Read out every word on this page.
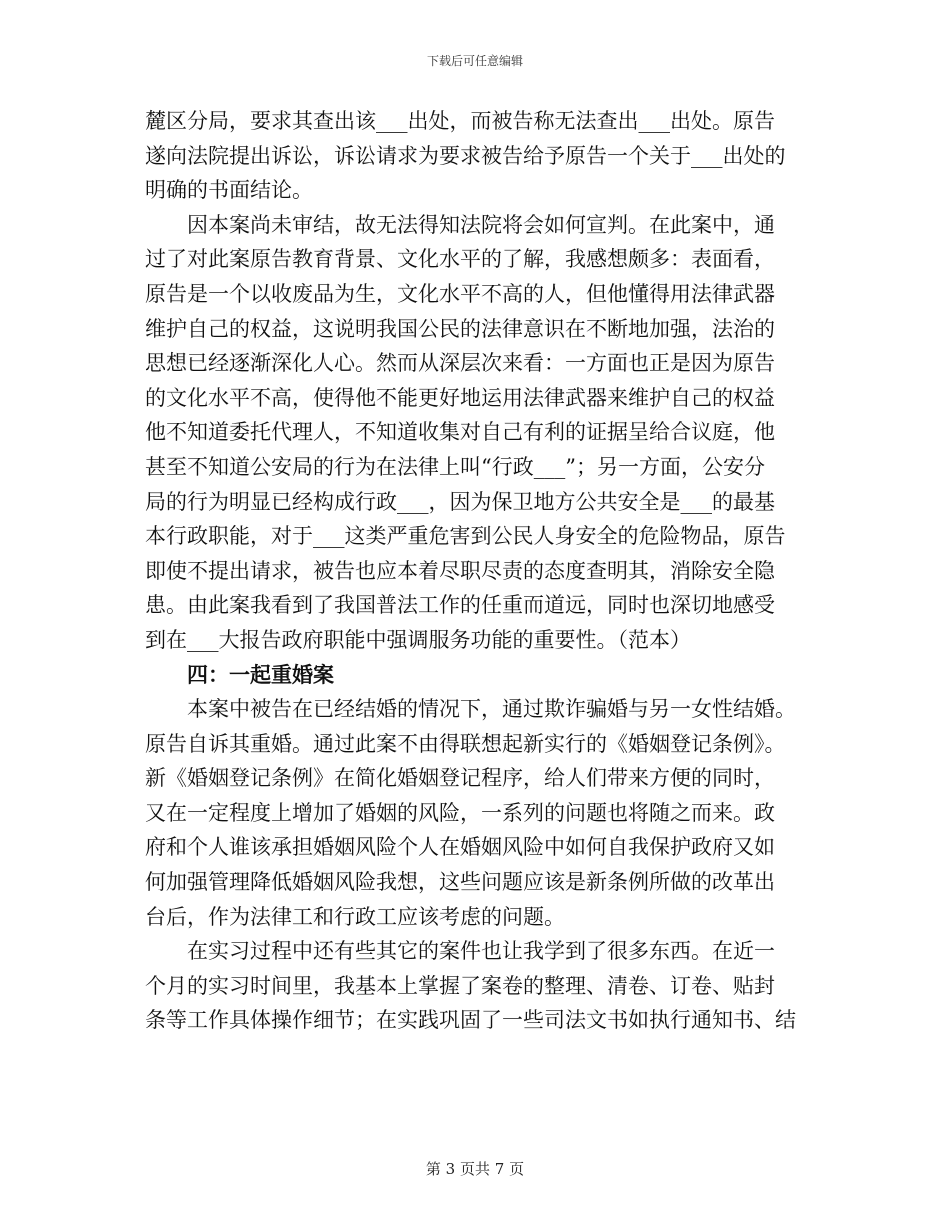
下载后可任意编辑
麓区分局，要求其查出该___出处，而被告称无法查出___出处。原告
遂向法院提出诉讼，诉讼请求为要求被告给予原告一个关于___出处的
明确的书面结论。
因本案尚未审结，故无法得知法院将会如何宣判。在此案中，通
过了对此案原告教育背景、文化水平的了解，我感想颇多：表面看，
原告是一个以收废品为生，文化水平不高的人，但他懂得用法律武器
维护自己的权益，这说明我国公民的法律意识在不断地加强，法治的
思想已经逐渐深化人心。然而从深层次来看：一方面也正是因为原告
的文化水平不高，使得他不能更好地运用法律武器来维护自己的权益
他不知道委托代理人，不知道收集对自己有利的证据呈给合议庭，他
甚至不知道公安局的行为在法律上叫“行政___”；另一方面，公安分
局的行为明显已经构成行政___，因为保卫地方公共安全是___的最基
本行政职能，对于___这类严重危害到公民人身安全的危险物品，原告
即使不提出请求，被告也应本着尽职尽责的态度查明其，消除安全隐
患。由此案我看到了我国普法工作的任重而道远，同时也深切地感受
到在___大报告政府职能中强调服务功能的重要性。（范本）
四：一起重婚案
本案中被告在已经结婚的情况下，通过欺诈骗婚与另一女性结婚。
原告自诉其重婚。通过此案不由得联想起新实行的《婚姻登记条例》。
新《婚姻登记条例》在简化婚姻登记程序，给人们带来方便的同时，
又在一定程度上增加了婚姻的风险，一系列的问题也将随之而来。政
府和个人谁该承担婚姻风险个人在婚姻风险中如何自我保护政府又如
何加强管理降低婚姻风险我想，这些问题应该是新条例所做的改革出
台后，作为法律工和行政工应该考虑的问题。
在实习过程中还有些其它的案件也让我学到了很多东西。在近一
个月的实习时间里，我基本上掌握了案卷的整理、清卷、订卷、贴封
条等工作具体操作细节；在实践巩固了一些司法文书如执行通知书、结
第 3 页共 7 页
